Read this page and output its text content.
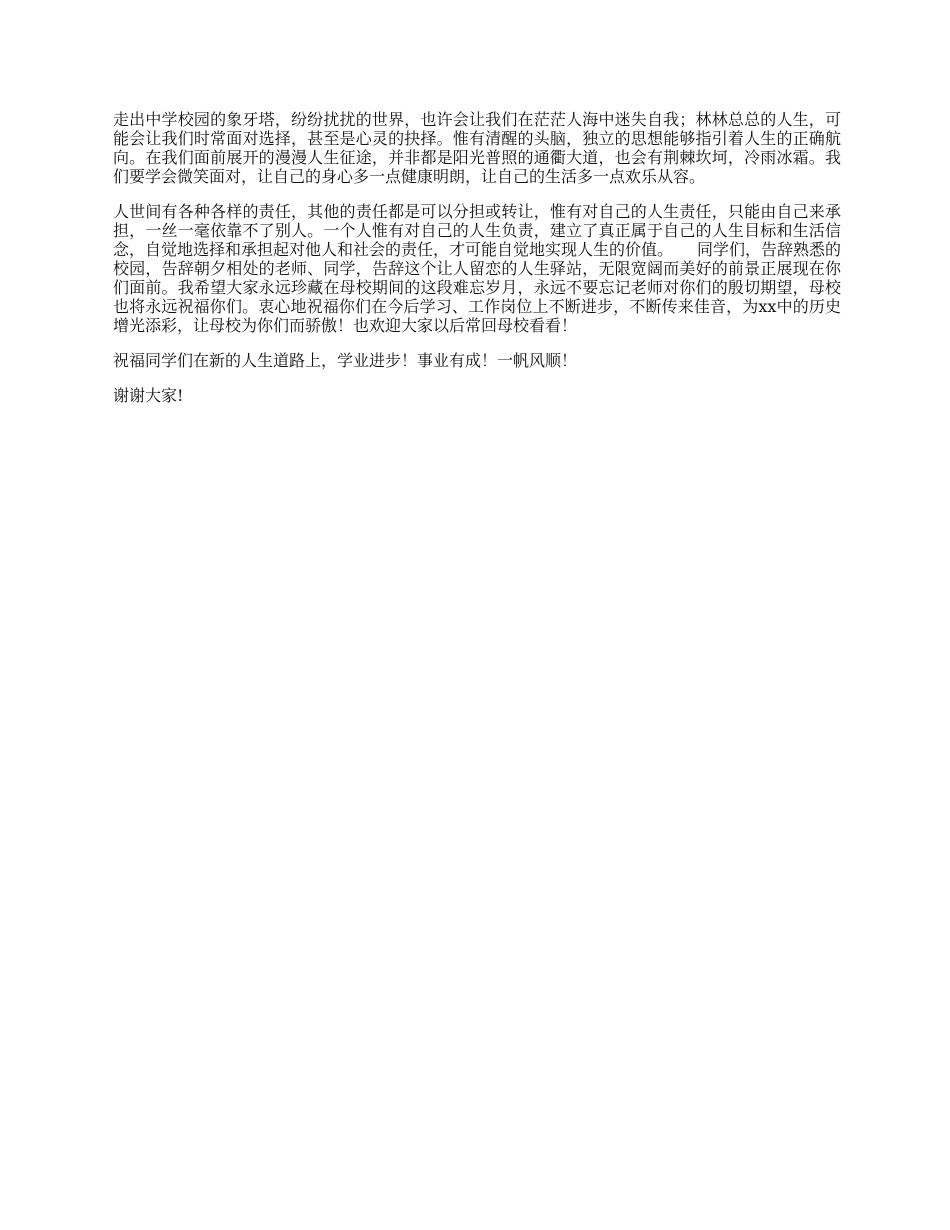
走出中学校园的象牙塔，纷纷扰扰的世界，也许会让我们在茫茫人海中迷失自我；林林总总的人生，可能会让我们时常面对选择，甚至是心灵的抉择。惟有清醒的头脑，独立的思想能够指引着人生的正确航向。在我们面前展开的漫漫人生征途，并非都是阳光普照的通衢大道，也会有荆棘坎坷，冷雨冰霜。我们要学会微笑面对，让自己的身心多一点健康明朗，让自己的生活多一点欢乐从容。

人世间有各种各样的责任，其他的责任都是可以分担或转让，惟有对自己的人生责任，只能由自己来承担，一丝一毫依靠不了别人。一个人惟有对自己的人生负责，建立了真正属于自己的人生目标和生活信念，自觉地选择和承担起对他人和社会的责任，才可能自觉地实现人生的价值。　　同学们，告辞熟悉的校园，告辞朝夕相处的老师、同学，告辞这个让人留恋的人生驿站，无限宽阔而美好的前景正展现在你们面前。我希望大家永远珍藏在母校期间的这段难忘岁月，永远不要忘记老师对你们的殷切期望，母校也将永远祝福你们。衷心地祝福你们在今后学习、工作岗位上不断进步，不断传来佳音，为xx中的历史增光添彩，让母校为你们而骄傲！也欢迎大家以后常回母校看看！

祝福同学们在新的人生道路上，学业进步！事业有成！一帆风顺！

谢谢大家!
